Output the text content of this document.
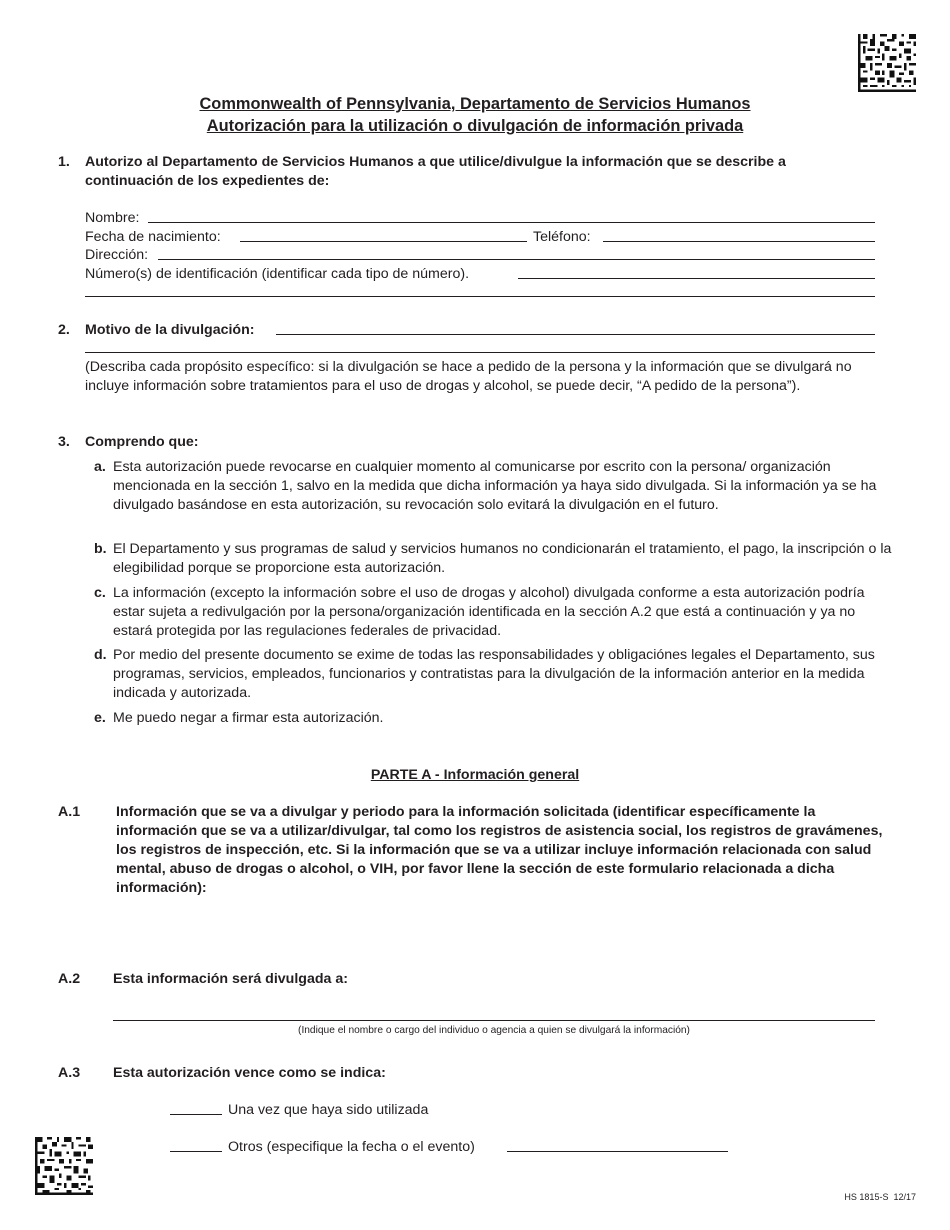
Commonwealth of Pennsylvania, Departamento de Servicios Humanos
Autorización para la utilización o divulgación de información privada
1. Autorizo al Departamento de Servicios Humanos a que utilice/divulgue la información que se describe a continuación de los expedientes de:
Nombre:
Fecha de nacimiento:	Teléfono:
Dirección:
Número(s) de identificación (identificar cada tipo de número).
2. Motivo de la divulgación:
(Describa cada propósito específico: si la divulgación se hace a pedido de la persona y la información que se divulgará no incluye información sobre tratamientos para el uso de drogas y alcohol, se puede decir, “A pedido de la persona”).
3. Comprendo que:
a. Esta autorización puede revocarse en cualquier momento al comunicarse por escrito con la persona/ organización mencionada en la sección 1, salvo en la medida que dicha información ya haya sido divulgada. Si la información ya se ha divulgado basándose en esta autorización, su revocación solo evitará la divulgación en el futuro.
b. El Departamento y sus programas de salud y servicios humanos no condicionarán el tratamiento, el pago, la inscripción o la elegibilidad porque se proporcione esta autorización.
c. La información (excepto la información sobre el uso de drogas y alcohol) divulgada conforme a esta autorización podría estar sujeta a redivulgación por la persona/organización identificada en la sección A.2 que está a continuación y ya no estará protegida por las regulaciones federales de privacidad.
d. Por medio del presente documento se exime de todas las responsabilidades y obligaciónes legales el Departamento, sus programas, servicios, empleados, funcionarios y contratistas para la divulgación de la información anterior en la medida indicada y autorizada.
e. Me puedo negar a firmar esta autorización.
PARTE A - Información general
A.1	Información que se va a divulgar y periodo para la información solicitada (identificar específicamente la información que se va a utilizar/divulgar, tal como los registros de asistencia social, los registros de gravámenes, los registros de inspección, etc. Si la información que se va a utilizar incluye información relacionada con salud mental, abuso de drogas o alcohol, o VIH, por favor llene la sección de este formulario relacionada a dicha información):
A.2 Esta información será divulgada a:
(Indique el nombre o cargo del individuo o agencia a quien se divulgará la información)
A.3 Esta autorización vence como se indica:
Una vez que haya sido utilizada
Otros (especifique la fecha o el evento)
HS 1815-S 12/17
